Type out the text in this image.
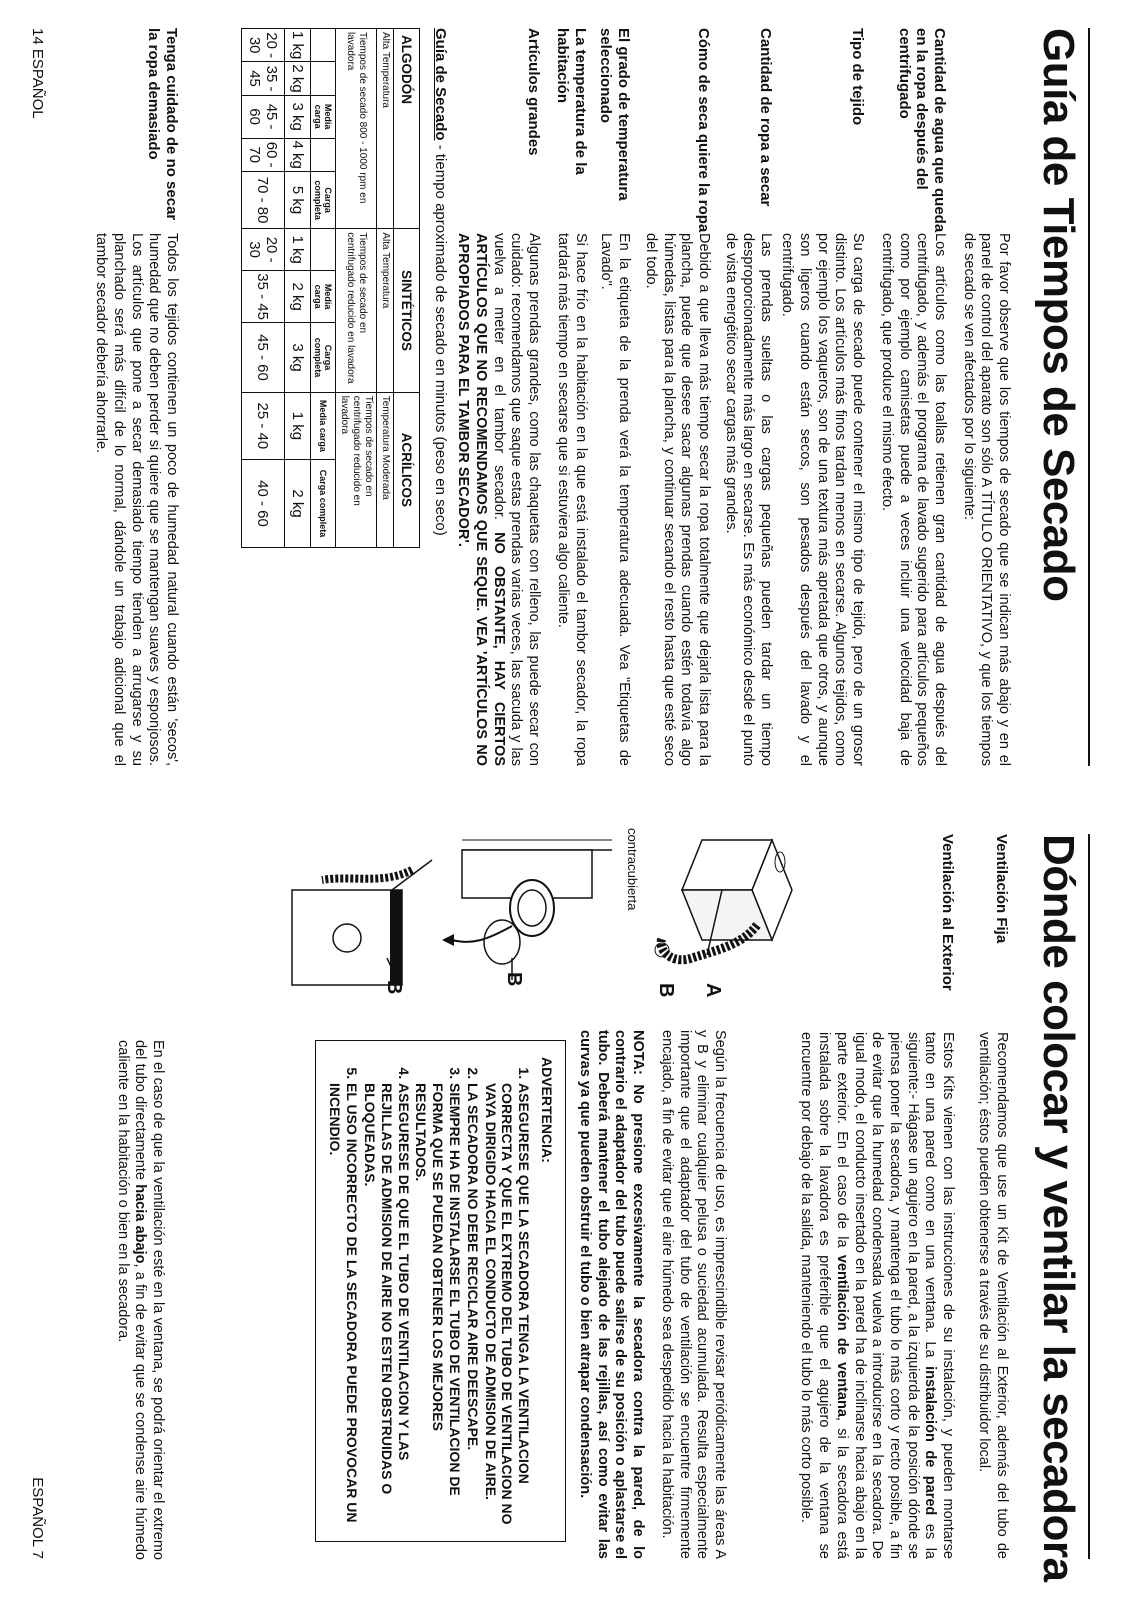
Guía de Tiempos de Secado
Por favor observe que los tiempos de secado que se indican más abajo y en el panel de control del aparato son sólo A TÍTULO ORIENTATIVO, y que los tiempos de secado se ven afectados por lo siguiente:
Cantidad de agua que queda en la ropa después del centrifugado
Los artículos como las toallas retienen gran cantidad de agua después del centrifugado, y además el programa de lavado sugerido para artículos pequeños como por ejemplo camisetas puede a veces incluir una velocidad baja de centrifugado, que produce el mismo efecto.
Tipo de tejido
Su carga de secado puede contener el mismo tipo de tejido, pero de un grosor distinto. Los artículos más finos tardan menos en secarse. Algunos tejidos, como por ejemplo los vaqueros, son de una textura más apretada que otros, y aunque son ligeros cuando están secos, son pesados después del lavado y el centrifugado.
Cantidad de ropa a secar
Las prendas sueltas o las cargas pequeñas pueden tardar un tiempo desproporcionadamente más largo en secarse. Es más económico desde el punto de vista energético secar cargas más grandes.
Cómo de seca quiere la ropa
Debido a que lleva más tiempo secar la ropa totalmente que dejarla lista para la plancha, puede que desee sacar algunas prendas cuando estén todavía algo húmedas, listas para la plancha, y continuar secando el resto hasta que esté seco del todo.
El grado de temperatura seleccionado
En la etiqueta de la prenda verá la temperatura adecuada. Vea "Etiquetas de Lavado".
La temperatura de la habitación
Si hace frío en la habitación en la que está instalado el tambor secador, la ropa tardará más tiempo en secarse que si estuviera algo caliente.
Artículos grandes
Algunas prendas grandes, como las chaquetas con relleno, las puede secar con cuidado: recomendamos que saque estas prendas varias veces, las sacuda y las vuelva a meter en el tambor secador. NO OBSTANTE, HAY CIERTOS ARTÍCULOS QUE NO RECOMENDAMOS QUE SEQUE. VEA 'ARTÍCULOS NO APROPIADOS PARA EL TAMBOR SECADOR'.
Guía de Secado - tiempo aproximado de secado en minutos (peso en seco)
ALGODÓN					SINTÉTICOS			ACRÍLICOS	
Alta Temperatura					Alta Temperatura			Temperatura Moderada	
Tiempos de secado 800 - 1000 rpm en lavadora					Tiempos de secado en centrifugado reducido en lavadora			Tiempos de secado en centrifugado reducido en lavadora	
		Media carga		Carga completa		Media carga	Carga completa	Media carga	Carga completa
1 kg	2 kg	3 kg	4 kg	5 kg	1 kg	2 kg	3 kg	1 kg	2 kg
20 - 30	35 - 45	45 - 60	60 - 70	70 - 80	20 - 30	35 - 45	45 - 60	25 - 40	40 - 60
Tenga cuidado de no secar la ropa demasiado
Todos los tejidos contienen un poco de humedad natural cuando están 'secos', humedad que no deben perder si quiere que se mantengan suaves y esponjosos. Los artículos que pone a secar demasiado tiempo tienden a arrugarse y su planchado será más difícil de lo normal, dándole un trabajo adicional que el tambor secador debería ahorrarle.
14 ESPAÑOL
Dónde colocar y ventilar la secadora
Ventilación Fija
Recomendamos que use un Kit de Ventilación al Exterior, además del tubo de ventilación; éstos pueden obtenerse a través de su distribuidor local.
Ventilación al Exterior
Estos Kits vienen con las instrucciones de su instalación, y pueden montarse tanto en una pared como en una ventana. La instalación de pared es la siguiente:- Hágase un agujero en la pared, a la izquierda de la posición dónde se piensa poner la secadora, y mantenga el tubo lo más corto y recto posible, a fin de evitar que la humedad condensada vuelva a introducirse en la secadora. De igual modo, el conducto insertado en la pared ha de inclinarse hacia abajo en la parte exterior. En el caso de la ventilación de ventana, si la secadora está instalada sobre la lavadora es preferible que el agujero de la ventana se encuentre por debajo de la salida, manteniendo el tubo lo más corto posible.
A
B
contracubierta
Según la frecuencia de uso, es imprescindible revisar periódicamente las áreas A y B y eliminar cualquier pelusa o suciedad acumulada. Resulta especialmente importante que el adaptador del tubo de ventilación se encuentre firmemente encajado, a fin de evitar que el aire húmedo sea despedido hacia la habitación.
NOTA: No presione excesivamente la secadora contra la pared, de lo contrario el adaptador del tubo puede salirse de su posición o aplastarse el tubo. Deberá mantener el tubo alejado de las rejillas, así como evitar las curvas ya que pueden obstruir el tubo o bien atrapar condensación.
B
B
ADVERTENCIA:
1. ASEGURESE QUE LA SECADORA TENGA LA VENTILACION CORRECTA Y QUE EL EXTREMO DEL TUBO DE VENTILACION NO VAYA DIRIGIDO HACIA EL CONDUCTO DE ADMISION DE AIRE.
2. LA SECADORA NO DEBE RECICLAR AIRE DEESCAPE.
3. SIEMPRE HA DE INSTALARSE EL TUBO DE VENTILACION DE FORMA QUE SE PUEDAN OBTENER LOS MEJORES RESULTADOS.
4. ASEGURESE DE QUE EL TUBO DE VENTILACION Y LAS REJILLAS DE ADMISION DE AIRE NO ESTEN OBSTRUIDAS O BLOQUEADAS.
5. EL USO INCORRECTO DE LA SECADORA PUEDE PROVOCAR UN INCENDIO.
En el caso de que la ventilación esté en la ventana, se podrá orientar el extremo del tubo directamente hacia abajo, a fin de evitar que se condense aire húmedo caliente en la habitación o bien en la secadora.
ESPAÑOL 7
